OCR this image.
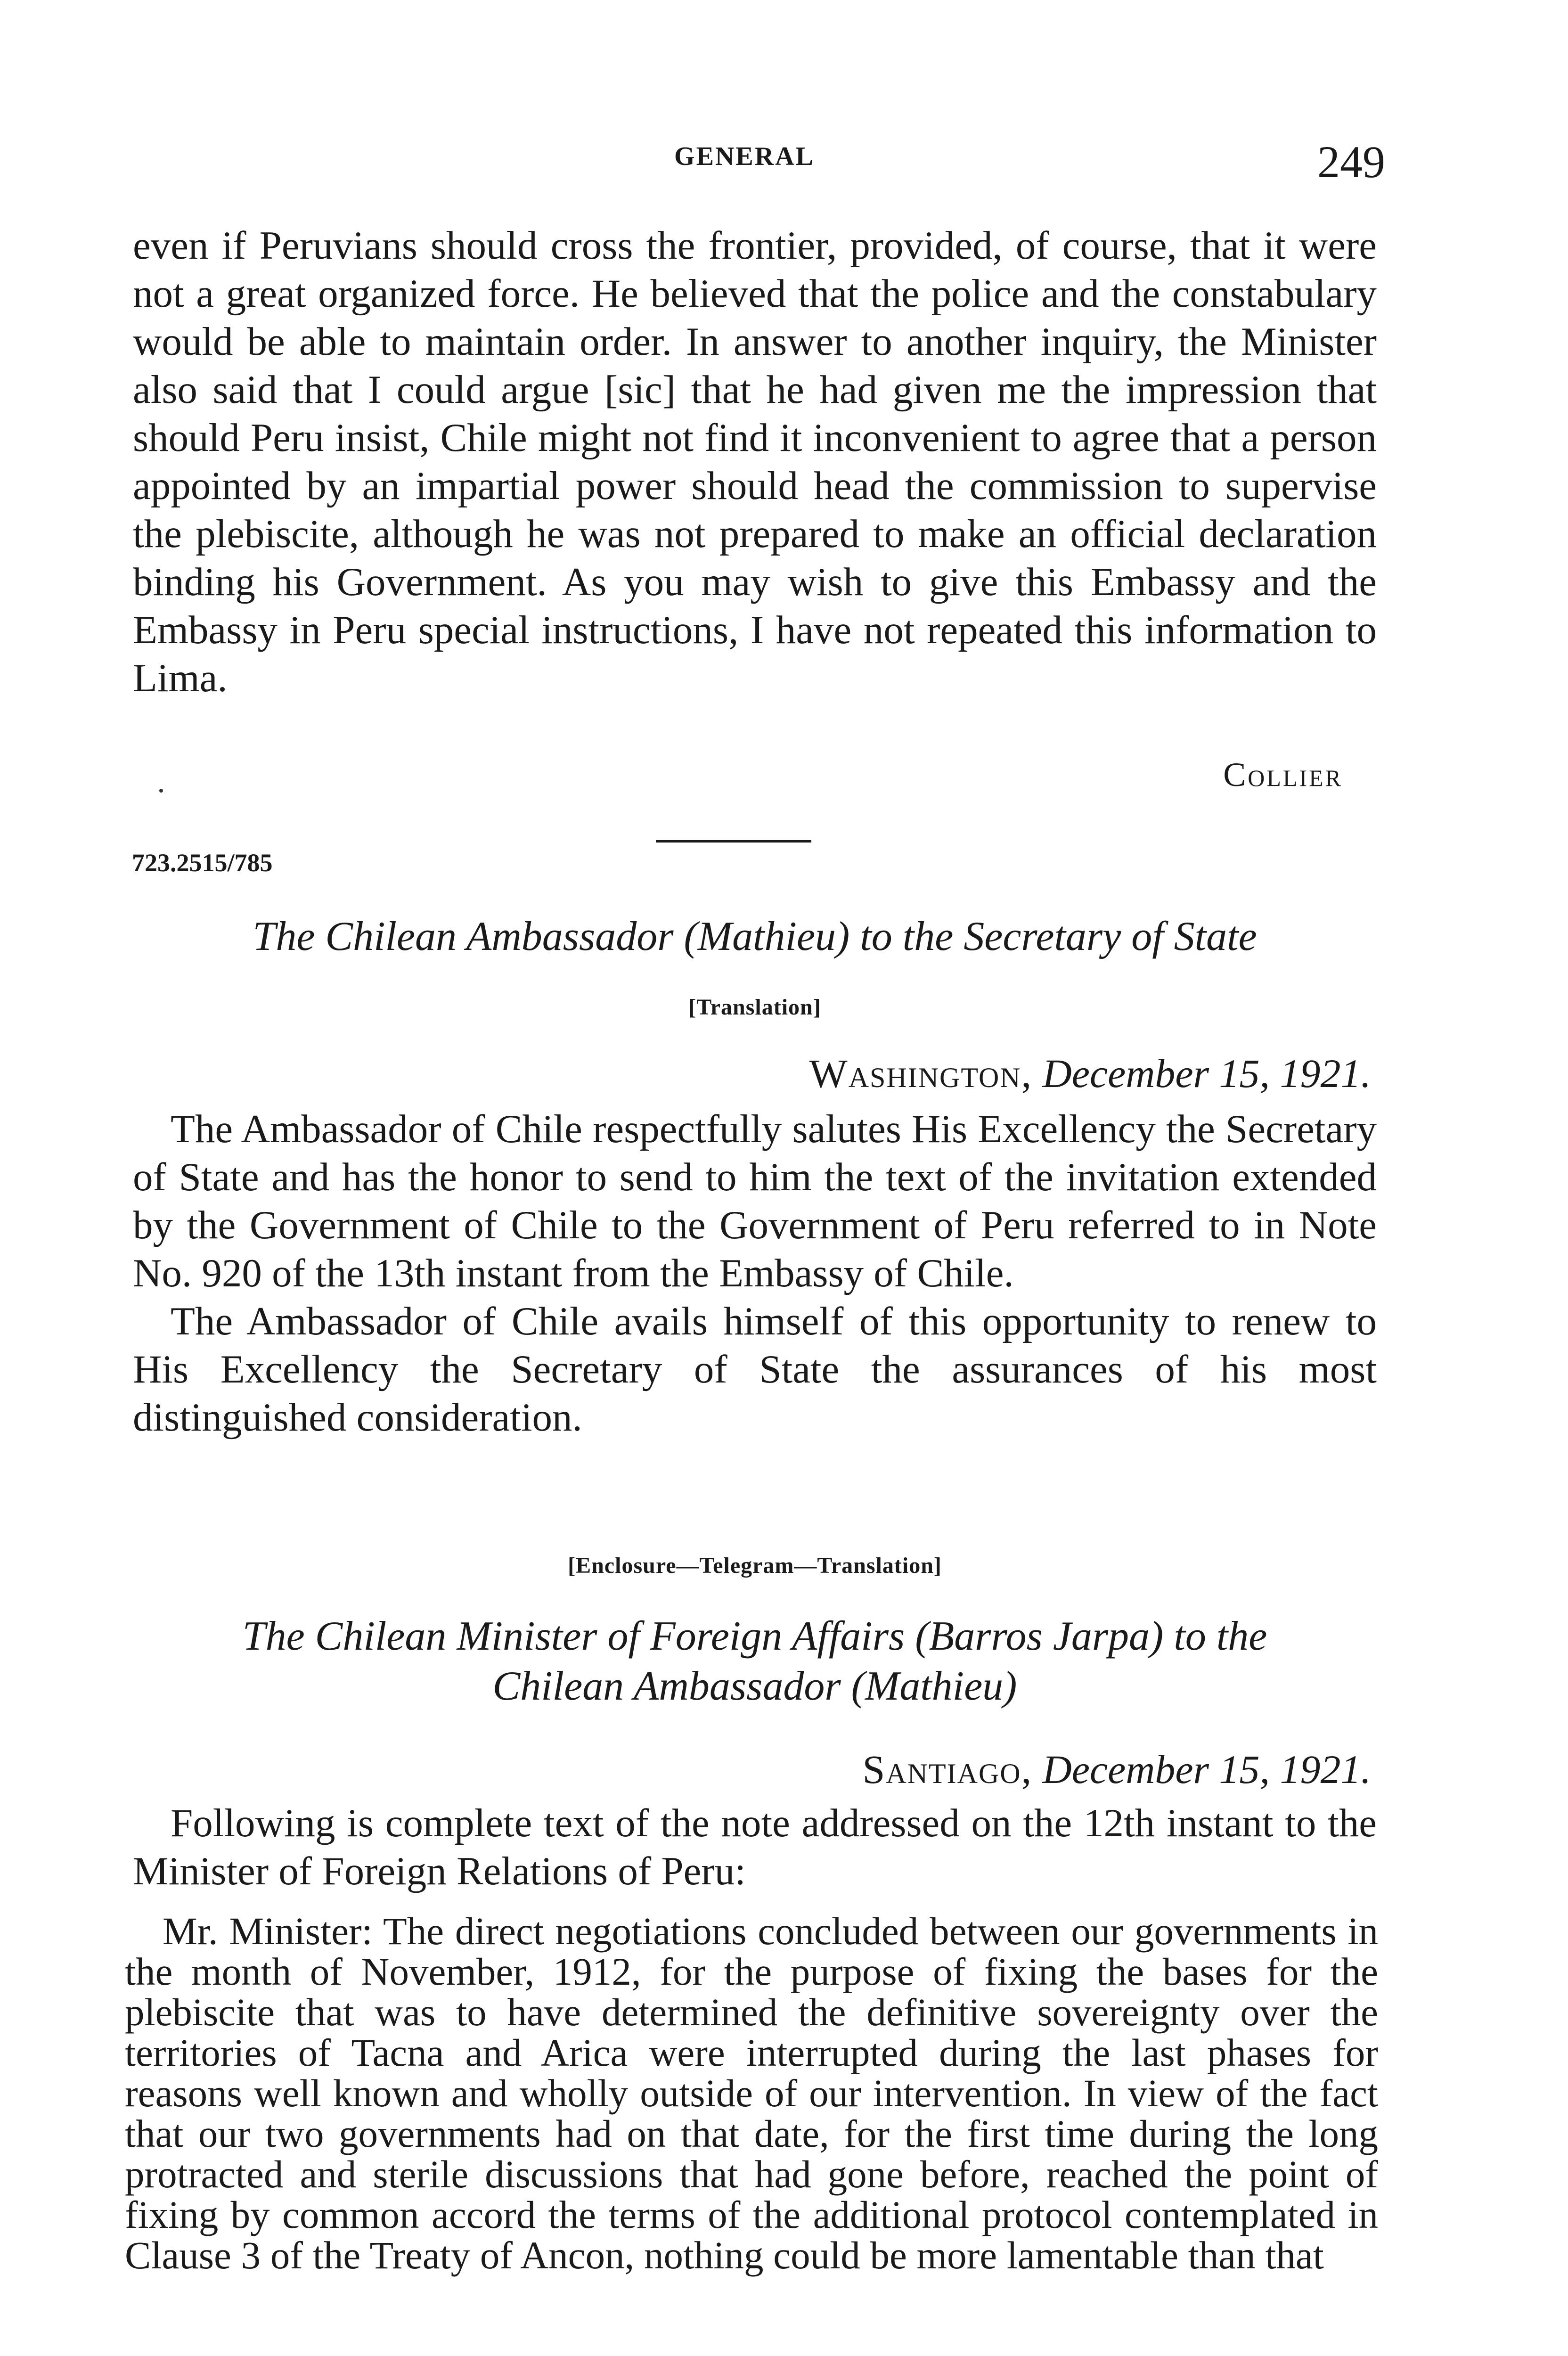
GENERAL	249

even if Peruvians should cross the frontier, provided, of course, that it were not a great organized force. He believed that the police and the constabulary would be able to maintain order. In answer to another inquiry, the Minister also said that I could argue [sic] that he had given me the impression that should Peru insist, Chile might not find it inconvenient to agree that a person appointed by an impartial power should head the commission to supervise the plebiscite, although he was not prepared to make an official declaration binding his Government. As you may wish to give this Embassy and the Embassy in Peru special instructions, I have not repeated this information to Lima.

Collier
723.2515/785
The Chilean Ambassador (Mathieu) to the Secretary of State
[Translation]
Washington, December 15, 1921.

The Ambassador of Chile respectfully salutes His Excellency the Secretary of State and has the honor to send to him the text of the invitation extended by the Government of Chile to the Government of Peru referred to in Note No. 920 of the 13th instant from the Embassy of Chile.

The Ambassador of Chile avails himself of this opportunity to renew to His Excellency the Secretary of State the assurances of his most distinguished consideration.

[Enclosure—Telegram—Translation]
The Chilean Minister of Foreign Affairs (Barros Jarpa) to the
Chilean Ambassador (Mathieu)
Santiago, December 15, 1921.

Following is complete text of the note addressed on the 12th instant to the Minister of Foreign Relations of Peru:

Mr. Minister: The direct negotiations concluded between our governments in the month of November, 1912, for the purpose of fixing the bases for the plebiscite that was to have determined the definitive sovereignty over the territories of Tacna and Arica were interrupted during the last phases for reasons well known and wholly outside of our intervention. In view of the fact that our two governments had on that date, for the first time during the long protracted and sterile discussions that had gone before, reached the point of fixing by common accord the terms of the additional protocol contemplated in Clause 3 of the Treaty of Ancon, nothing could be more lamentable than that
